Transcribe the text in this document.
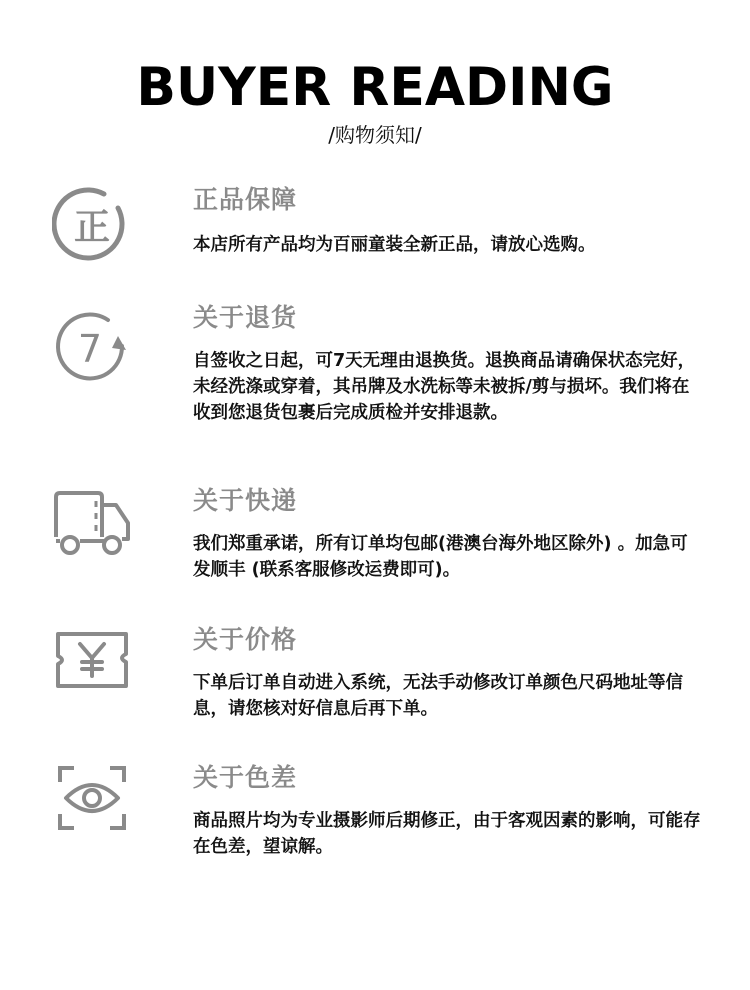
BUYER READING
/购物须知/
正
正品保障

本店所有产品均为百丽童装全新正品，请放心选购。

7
关于退货

自签收之日起，可7天无理由退换货。退换商品请确保状态完好，未经洗涤或穿着，其吊牌及水洗标等未被拆/剪与损坏。我们将在收到您退货包裹后完成质检并安排退款。

关于快递

我们郑重承诺，所有订单均包邮(港澳台海外地区除外) 。加急可发顺丰 (联系客服修改运费即可)。

关于价格

下单后订单自动进入系统，无法手动修改订单颜色尺码地址等信息，请您核对好信息后再下单。

关于色差

商品照片均为专业摄影师后期修正，由于客观因素的影响，可能存在色差，望谅解。
